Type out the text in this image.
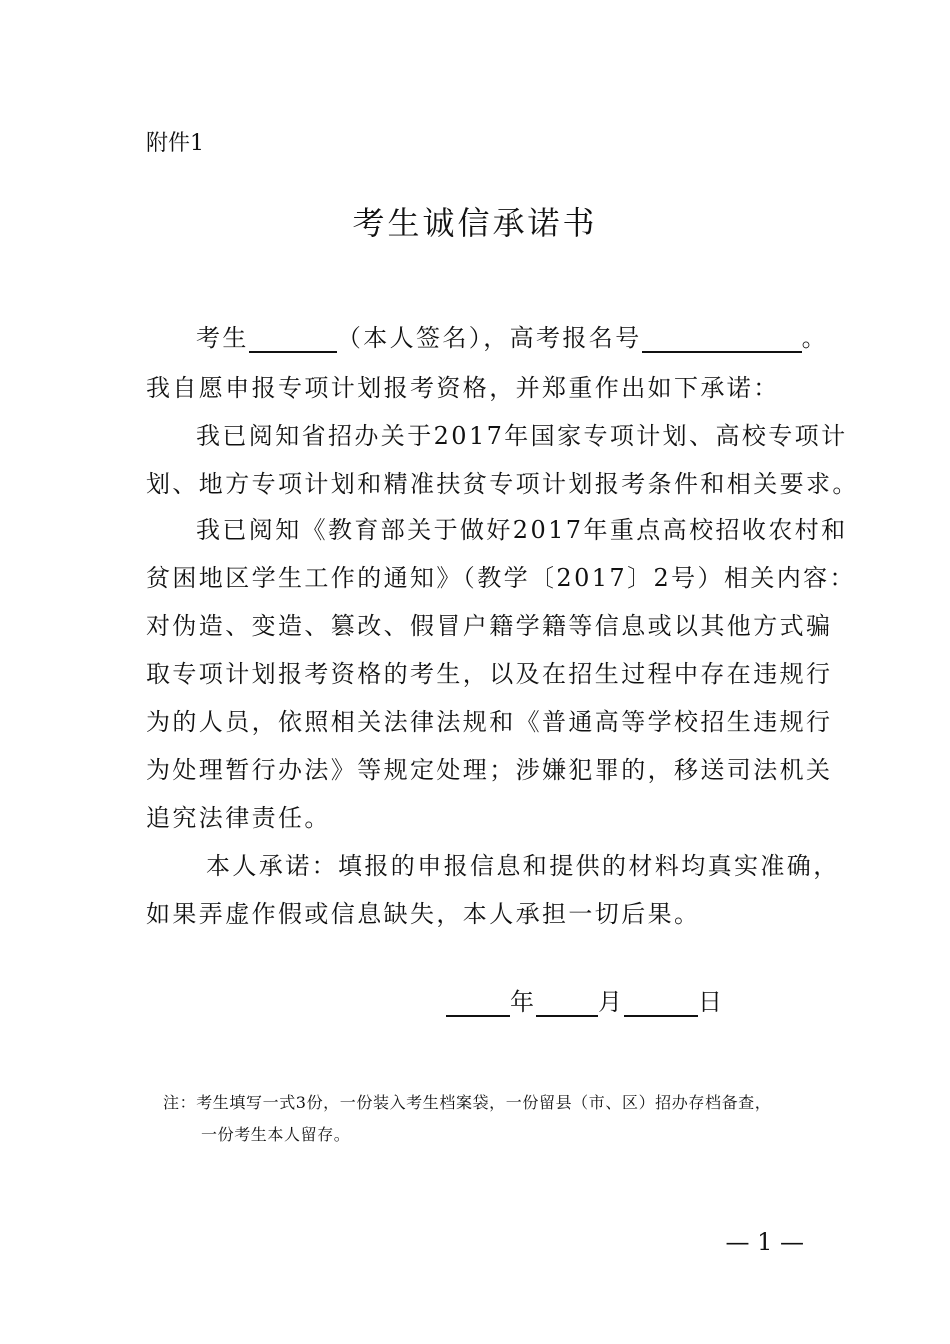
附件1
考生诚信承诺书
考生	（本人签名），高考报名号	。
我自愿申报专项计划报考资格，并郑重作出如下承诺：
我已阅知省招办关于2017年国家专项计划、高校专项计
划、地方专项计划和精准扶贫专项计划报考条件和相关要求。
我已阅知《教育部关于做好2017年重点高校招收农村和
贫困地区学生工作的通知》（教学〔2017〕2号）相关内容：
对伪造、变造、篡改、假冒户籍学籍等信息或以其他方式骗
取专项计划报考资格的考生，以及在招生过程中存在违规行
为的人员，依照相关法律法规和《普通高等学校招生违规行
为处理暂行办法》等规定处理；涉嫌犯罪的，移送司法机关
追究法律责任。
本人承诺：填报的申报信息和提供的材料均真实准确，
如果弄虚作假或信息缺失，本人承担一切后果。
年	月	日
注：考生填写一式3份，一份装入考生档案袋，一份留县（市、区）招办存档备查，
一份考生本人留存。
— 1 —
